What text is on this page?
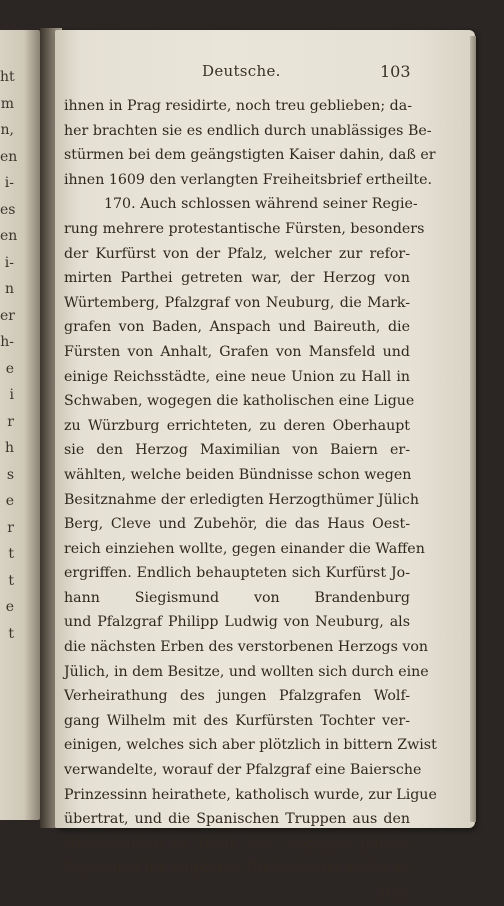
ht
m
n,
en
i-
es
en
i-
n
er
h-
e
i
r
h
s
e
r
t
t
e
t
Deutsche.	103
ihnen in Prag residirte, noch treu geblieben; da-
her brachten sie es endlich durch unablässiges Be-
stürmen bei dem geängstigten Kaiser dahin, daß er
ihnen 1609 den verlangten Freiheitsbrief ertheilte.
170. Auch schlossen während seiner Regie-
rung mehrere protestantische Fürsten, besonders
der Kurfürst von der Pfalz, welcher zur refor-
mirten Parthei getreten war, der Herzog von
Würtemberg, Pfalzgraf von Neuburg, die Mark-
grafen von Baden, Anspach und Baireuth, die
Fürsten von Anhalt, Grafen von Mansfeld und
einige Reichsstädte, eine neue Union zu Hall in
Schwaben, wogegen die katholischen eine Ligue
zu Würzburg errichteten, zu deren Oberhaupt
sie den Herzog Maximilian von Baiern er-
wählten, welche beiden Bündnisse schon wegen
Besitznahme der erledigten Herzogthümer Jülich
Berg, Cleve und Zubehör, die das Haus Oest-
reich einziehen wollte, gegen einander die Waffen
ergriffen. Endlich behaupteten sich Kurfürst Jo-
hann Siegismund von Brandenburg
und Pfalzgraf Philipp Ludwig von Neuburg, als
die nächsten Erben des verstorbenen Herzogs von
Jülich, in dem Besitze, und wollten sich durch eine
Verheirathung des jungen Pfalzgrafen Wolf-
gang Wilhelm mit des Kurfürsten Tochter ver-
einigen, welches sich aber plötzlich in bittern Zwist
verwandelte, worauf der Pfalzgraf eine Baiersche
Prinzessinn heirathete, katholisch wurde, zur Ligue
übertrat, und die Spanischen Truppen aus den
Niederlanden zu Hülfe rief, wogegen Johann
Sigismund die empörten Niederländer selbst zu
Hül-
